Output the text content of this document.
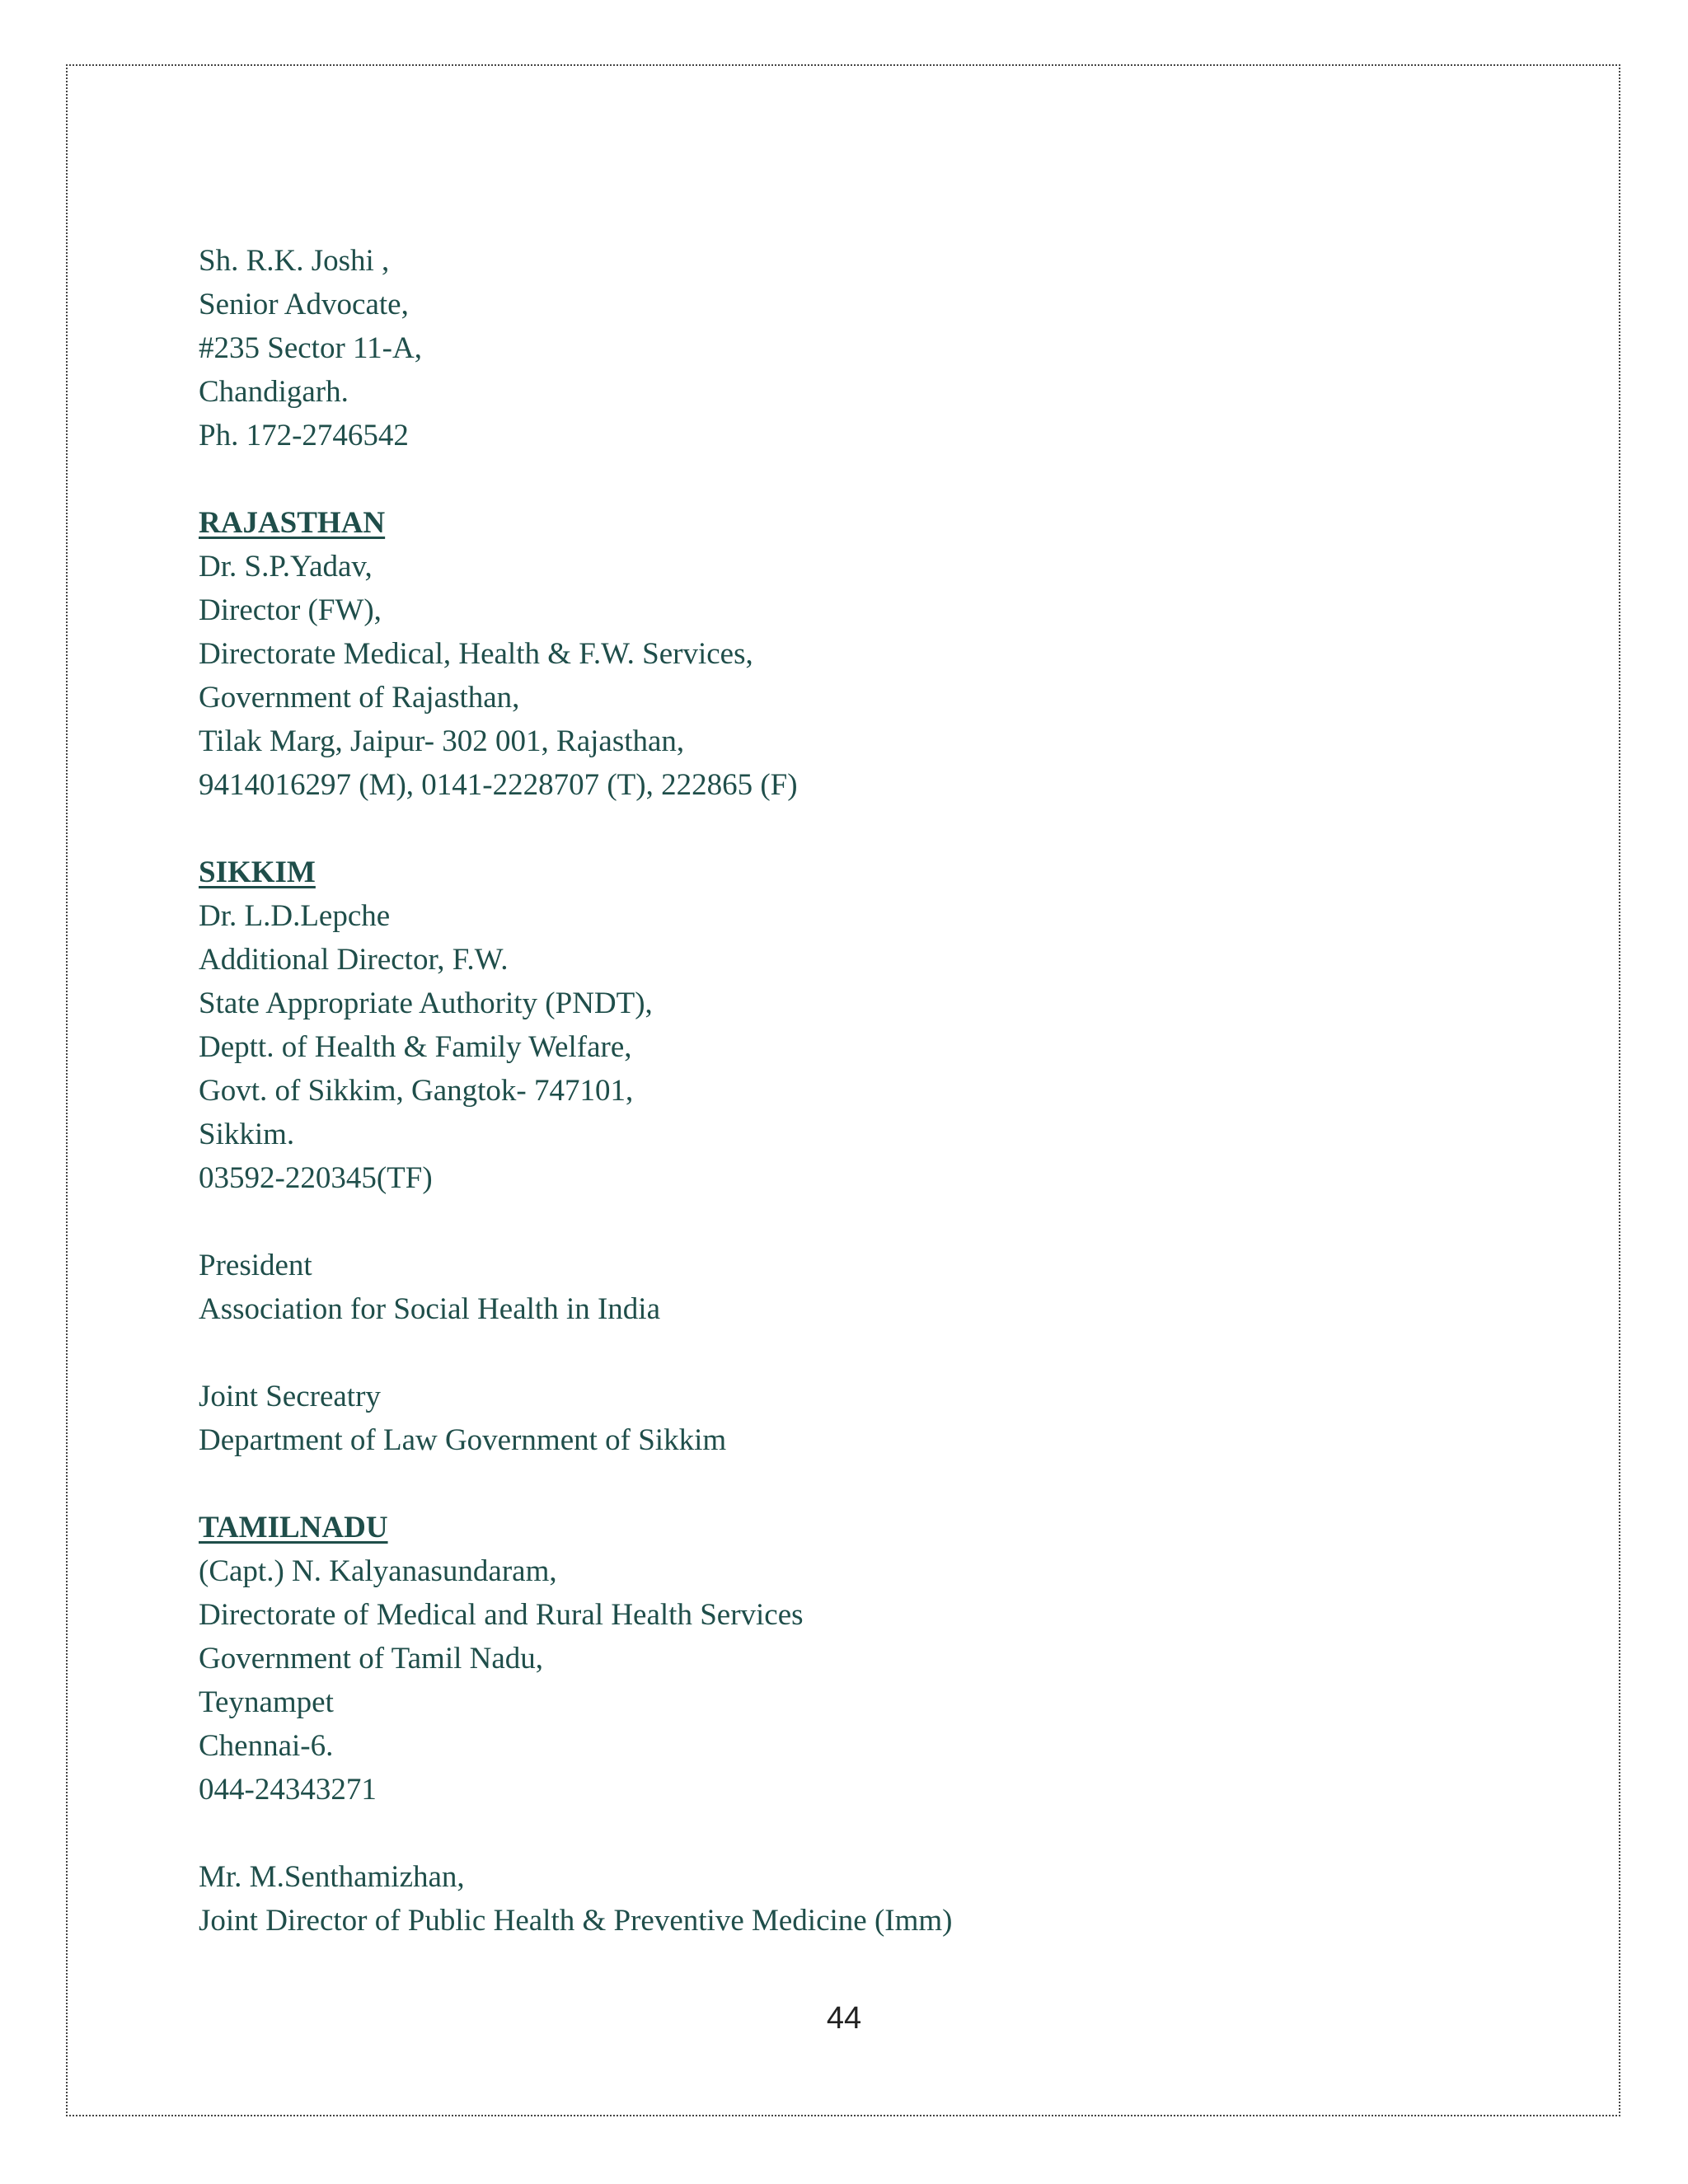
Sh. R.K. Joshi ,
Senior Advocate,
#235 Sector 11-A,
Chandigarh.
Ph. 172-2746542
RAJASTHAN
Dr. S.P.Yadav,
Director (FW),
Directorate Medical, Health & F.W. Services,
Government of Rajasthan,
Tilak Marg, Jaipur- 302 001, Rajasthan,
9414016297 (M), 0141-2228707 (T), 222865 (F)
SIKKIM
Dr. L.D.Lepche
Additional Director, F.W.
State Appropriate Authority (PNDT),
Deptt. of Health & Family Welfare,
Govt. of Sikkim, Gangtok- 747101,
Sikkim.
03592-220345(TF)
President
Association for Social Health in India
Joint Secreatry
Department of Law Government of Sikkim
TAMILNADU
(Capt.) N. Kalyanasundaram,
Directorate of Medical and Rural Health Services
Government of Tamil Nadu,
Teynampet
Chennai-6.
044-24343271
Mr. M.Senthamizhan,
Joint Director of Public Health & Preventive Medicine (Imm)
44
